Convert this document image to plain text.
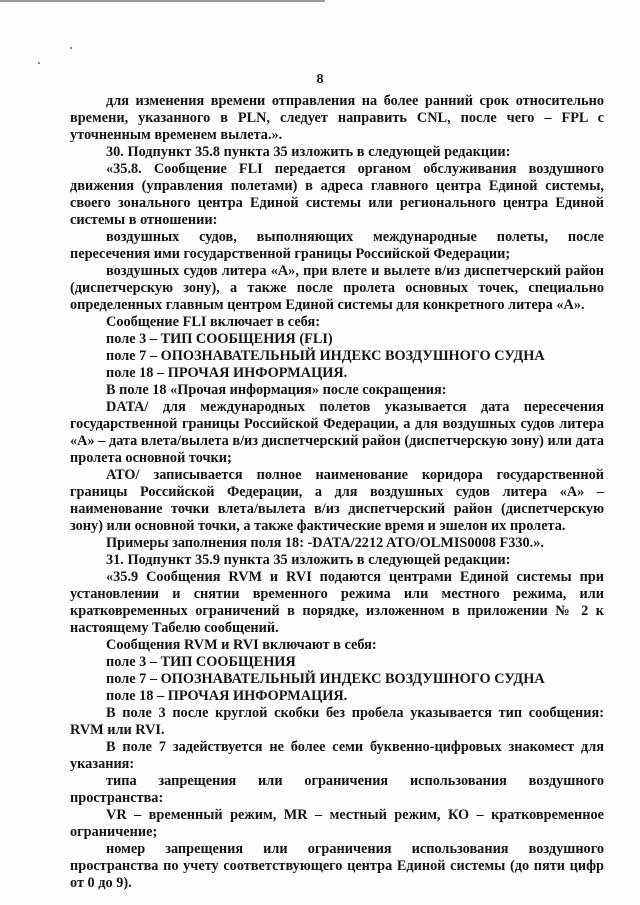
8

для изменения времени отправления на более ранний срок относительно времени, указанного в PLN, следует направить CNL, после чего – FPL с уточненным временем вылета.».

30. Подпункт 35.8 пункта 35 изложить в следующей редакции:

«35.8. Сообщение FLI передается органом обслуживания воздушного движения (управления полетами) в адреса главного центра Единой системы, своего зонального центра Единой системы или регионального центра Единой системы в отношении:

воздушных судов, выполняющих международные полеты, после пересечения ими государственной границы Российской Федерации;

воздушных судов литера «А», при влете и вылете в/из диспетчерский район (диспетчерскую зону), а также после пролета основных точек, специально определенных главным центром Единой системы для конкретного литера «А».

Сообщение FLI включает в себя:

поле 3 – ТИП СООБЩЕНИЯ (FLI)

поле 7 – ОПОЗНАВАТЕЛЬНЫЙ ИНДЕКС ВОЗДУШНОГО СУДНА

поле 18 – ПРОЧАЯ ИНФОРМАЦИЯ.

В поле 18 «Прочая информация» после сокращения:

DATA/ для международных полетов указывается дата пересечения государственной границы Российской Федерации, а для воздушных судов литера «А» – дата влета/вылета в/из диспетчерский район (диспетчерскую зону) или дата пролета основной точки;

АТО/ записывается полное наименование коридора государственной границы Российской Федерации, а для воздушных судов литера «А» – наименование точки влета/вылета в/из диспетчерский район (диспетчерскую зону) или основной точки, а также фактические время и эшелон их пролета.

Примеры заполнения поля 18: -DATA/2212 ATO/OLMIS0008 F330.».

31. Подпункт 35.9 пункта 35 изложить в следующей редакции:

«35.9 Сообщения RVM и RVI подаются центрами Единой системы при установлении и снятии временного режима или местного режима, или кратковременных ограничений в порядке, изложенном в приложении № 2 к настоящему Табелю сообщений.

Сообщения RVM и RVI включают в себя:

поле 3 – ТИП СООБЩЕНИЯ

поле 7 – ОПОЗНАВАТЕЛЬНЫЙ ИНДЕКС ВОЗДУШНОГО СУДНА

поле 18 – ПРОЧАЯ ИНФОРМАЦИЯ.

В поле 3 после круглой скобки без пробела указывается тип сообщения: RVM или RVI.

В поле 7 задействуется не более семи буквенно-цифровых знакомест для указания:

типа запрещения или ограничения использования воздушного пространства:

VR – временный режим, MR – местный режим, КО – кратковременное ограничение;

номер запрещения или ограничения использования воздушного пространства по учету соответствующего центра Единой системы (до пяти цифр от 0 до 9).
